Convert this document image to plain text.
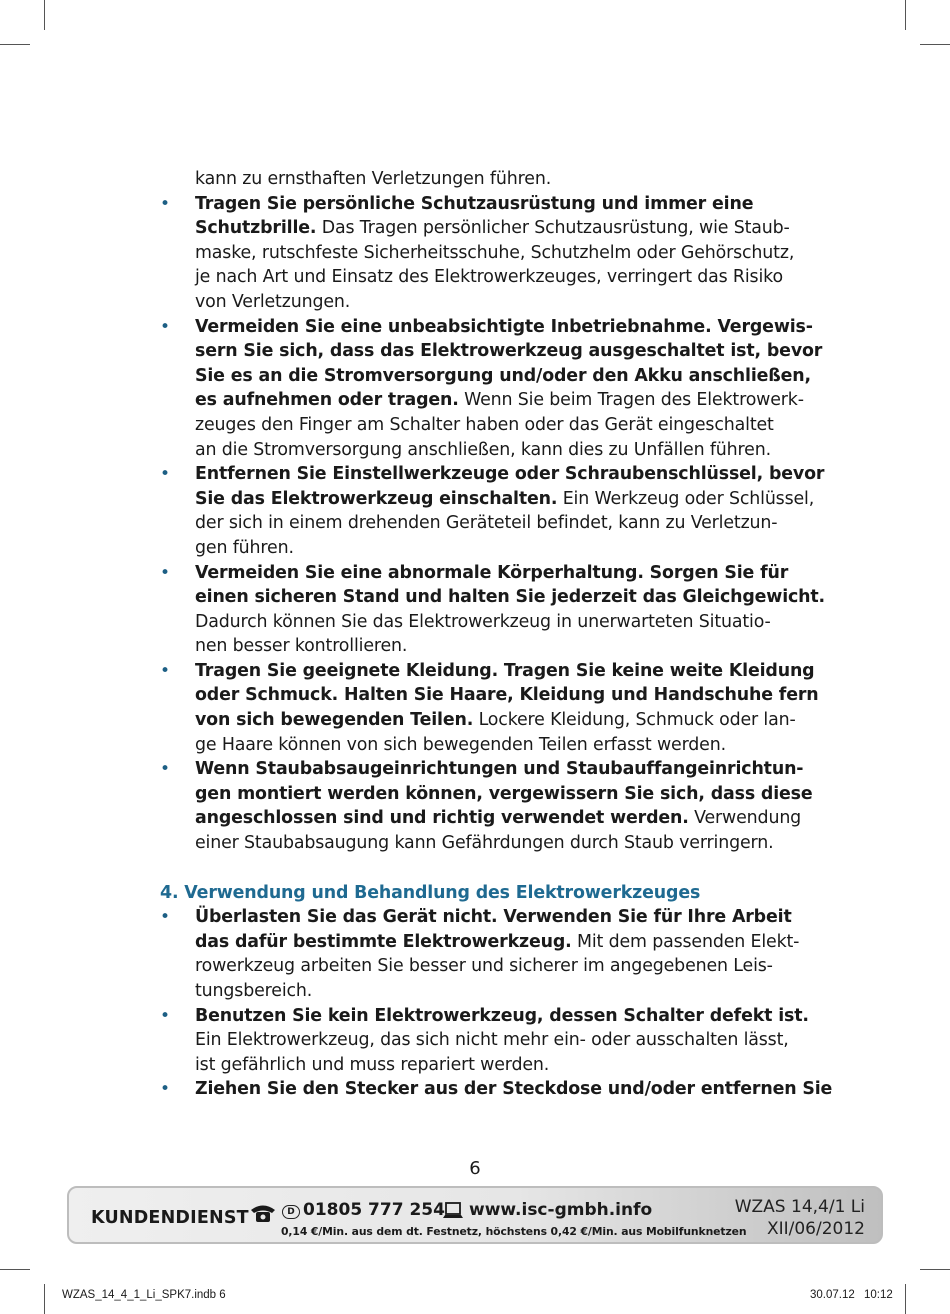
kann zu ernsthaften Verletzungen führen.
• Tragen Sie persönliche Schutzausrüstung und immer eine
Schutzbrille. Das Tragen persönlicher Schutzausrüstung, wie Staub-
maske, rutschfeste Sicherheitsschuhe, Schutzhelm oder Gehörschutz,
je nach Art und Einsatz des Elektrowerkzeuges, verringert das Risiko
von Verletzungen.
• Vermeiden Sie eine unbeabsichtigte Inbetriebnahme. Vergewis-
sern Sie sich, dass das Elektrowerkzeug ausgeschaltet ist, bevor
Sie es an die Stromversorgung und/oder den Akku anschließen,
es aufnehmen oder tragen. Wenn Sie beim Tragen des Elektrowerk-
zeuges den Finger am Schalter haben oder das Gerät eingeschaltet
an die Stromversorgung anschließen, kann dies zu Unfällen führen.
• Entfernen Sie Einstellwerkzeuge oder Schraubenschlüssel, bevor
Sie das Elektrowerkzeug einschalten. Ein Werkzeug oder Schlüssel,
der sich in einem drehenden Geräteteil befindet, kann zu Verletzun-
gen führen.
• Vermeiden Sie eine abnormale Körperhaltung. Sorgen Sie für
einen sicheren Stand und halten Sie jederzeit das Gleichgewicht.
Dadurch können Sie das Elektrowerkzeug in unerwarteten Situatio-
nen besser kontrollieren.
• Tragen Sie geeignete Kleidung. Tragen Sie keine weite Kleidung
oder Schmuck. Halten Sie Haare, Kleidung und Handschuhe fern
von sich bewegenden Teilen. Lockere Kleidung, Schmuck oder lan-
ge Haare können von sich bewegenden Teilen erfasst werden.
• Wenn Staubabsaugeinrichtungen und Staubauffangeinrichtun-
gen montiert werden können, vergewissern Sie sich, dass diese
angeschlossen sind und richtig verwendet werden. Verwendung
einer Staubabsaugung kann Gefährdungen durch Staub verringern.
4. Verwendung und Behandlung des Elektrowerkzeuges
• Überlasten Sie das Gerät nicht. Verwenden Sie für Ihre Arbeit
das dafür bestimmte Elektrowerkzeug. Mit dem passenden Elekt-
rowerkzeug arbeiten Sie besser und sicherer im angegebenen Leis-
tungsbereich.
• Benutzen Sie kein Elektrowerkzeug, dessen Schalter defekt ist.
Ein Elektrowerkzeug, das sich nicht mehr ein- oder ausschalten lässt,
ist gefährlich und muss repariert werden.
• Ziehen Sie den Stecker aus der Steckdose und/oder entfernen Sie
6
KUNDENDIENST	D 01805 777 254 www.isc-gmbh.info
0,14 €/Min. aus dem dt. Festnetz, höchstens 0,42 €/Min. aus Mobilfunknetzen
WZAS 14,4/1 Li
XII/06/2012
WZAS_14_4_1_Li_SPK7.indb 6	30.07.12 10:12
